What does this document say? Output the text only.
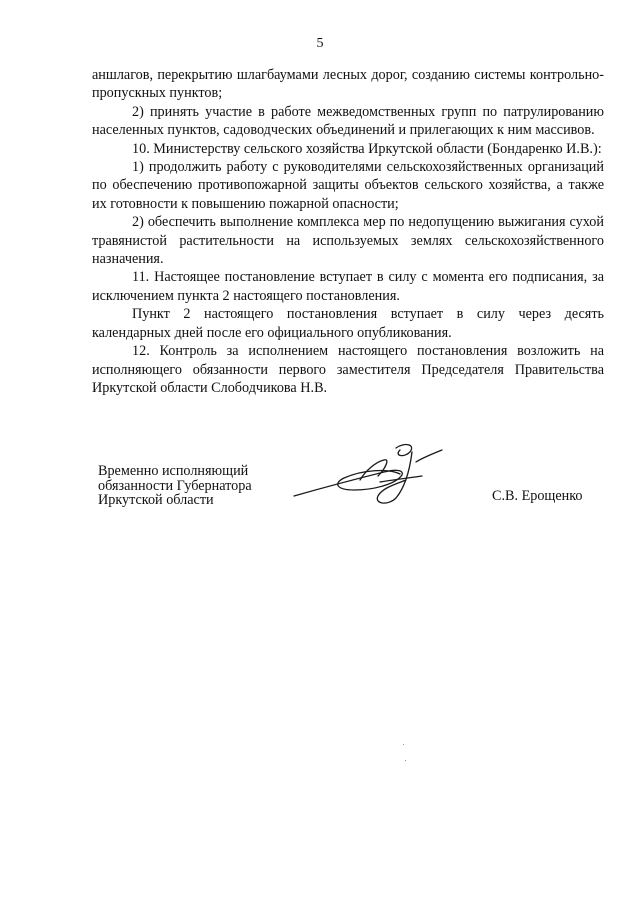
5

аншлагов, перекрытию шлагбаумами лесных дорог, созданию системы контрольно-пропускных пунктов;

2) принять участие в работе межведомственных групп по патрулированию населенных пунктов, садоводческих объединений и прилегающих к ним массивов.

10. Министерству сельского хозяйства Иркутской области (Бондаренко И.В.):

1) продолжить работу с руководителями сельскохозяйственных организаций по обеспечению противопожарной защиты объектов сельского хозяйства, а также их готовности к повышению пожарной опасности;

2) обеспечить выполнение комплекса мер по недопущению выжигания сухой травянистой растительности на используемых землях сельскохозяйственного назначения.

11. Настоящее постановление вступает в силу с момента его подписания, за исключением пункта 2 настоящего постановления.

Пункт 2 настоящего постановления вступает в силу через десять календарных дней после его официального опубликования.

12. Контроль за исполнением настоящего постановления возложить на исполняющего обязанности первого заместителя Председателя Правительства Иркутской области Слободчикова Н.В.

Временно исполняющий
обязанности Губернатора
Иркутской области	С.В. Ерощенко
